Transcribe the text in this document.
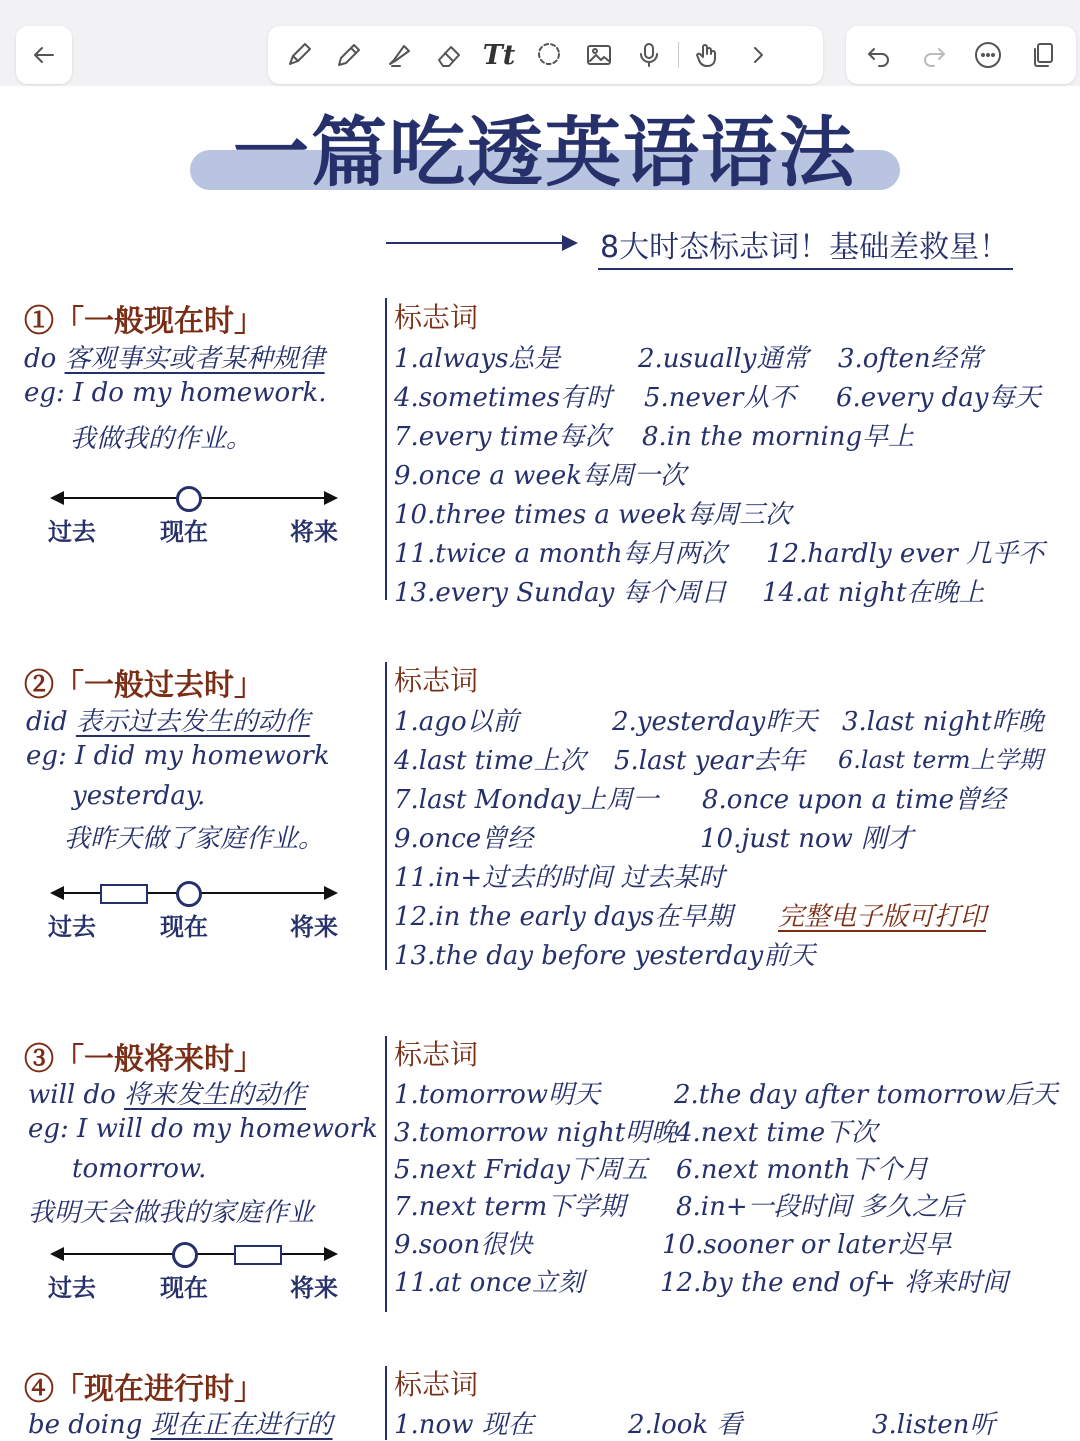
Tt
一篇吃透英语语法
8大时态标志词！基础差救星！
①「一般现在时」
do 客观事实或者某种规律
eg: I do my homework.
我做我的作业。
过去	现在	将来
标志词
1.always总是	2.usually通常 3.often经常
4.sometimes有时 5.never从不 6.every day每天
7.every time每次 8.in the morning早上
9.once a week每周一次
10.three times a week每周三次
11.twice a month每月两次 12.hardly ever 几乎不
13.every Sunday 每个周日 14.at night在晚上
②「一般过去时」
did 表示过去发生的动作
eg: I did my homework
yesterday.
我昨天做了家庭作业。
过去	现在	将来
标志词
1.ago以前	2.yesterday昨天 3.last night昨晚
4.last time上次 5.last year去年 6.last term上学期
7.last Monday上周一 8.once upon a time曾经
9.once曾经	10.just now 刚才
11.in+过去的时间 过去某时
12.in the early days在早期 完整电子版可打印
13.the day before yesterday前天
③「一般将来时」
will do 将来发生的动作
eg: I will do my homework
tomorrow.
我明天会做我的家庭作业
过去	现在	将来
标志词
1.tomorrow明天	2.the day after tomorrow后天
3.tomorrow night明晚
4.next time下次
5.next Friday下周五 6.next month下个月
7.next term下学期 8.in+一段时间 多久之后
9.soon很快	10.sooner or later迟早
11.at once立刻	12.by the end of+ 将来时间
④「现在进行时」
be doing 现在正在进行的
标志词
1.now 现在	2.look 看	3.listen听
